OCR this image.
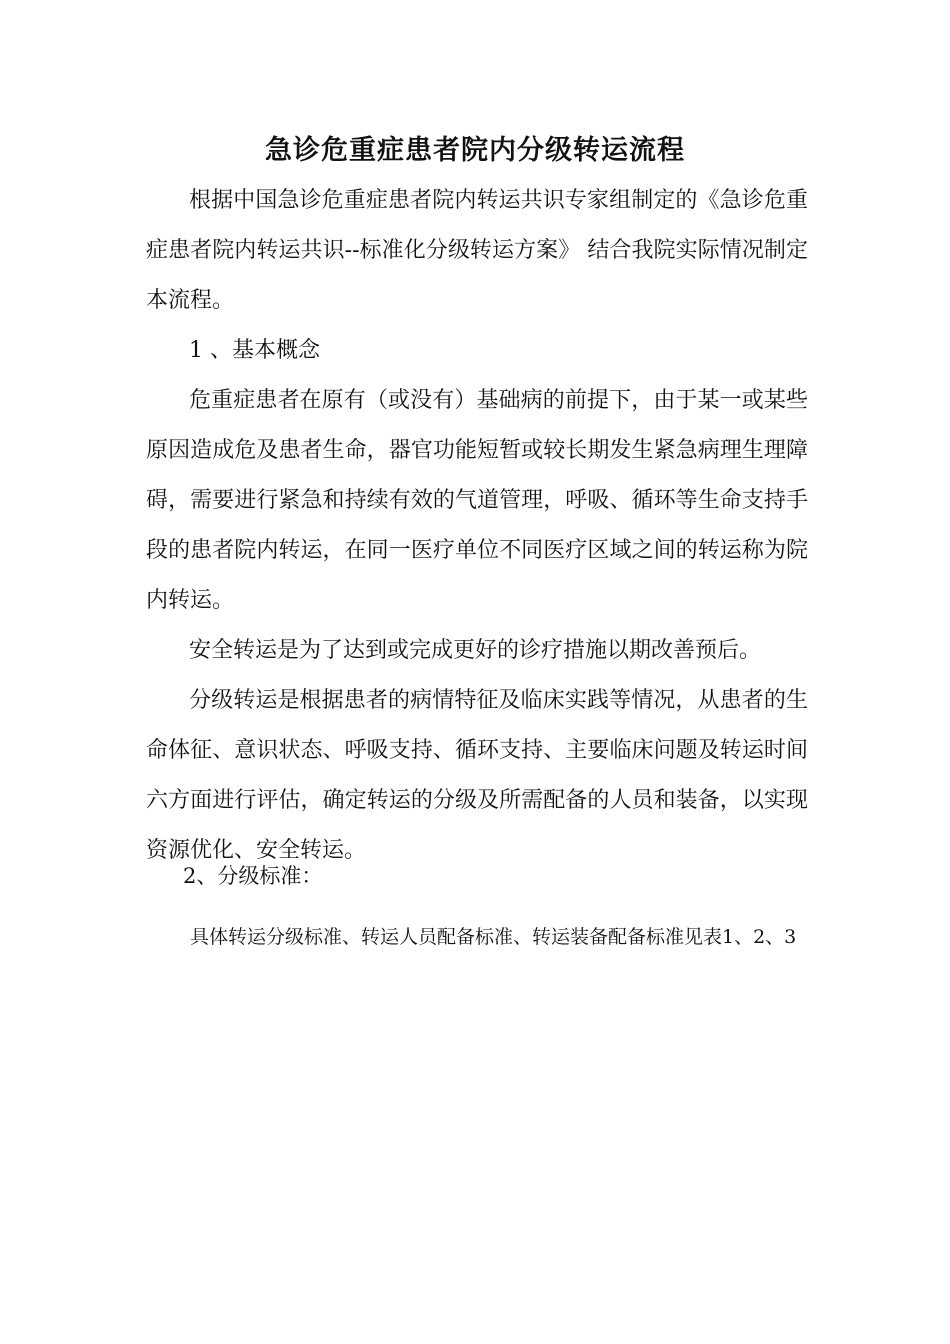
急诊危重症患者院内分级转运流程

根据中国急诊危重症患者院内转运共识专家组制定的《急诊危重症患者院内转运共识--标准化分级转运方案》 结合我院实际情况制定本流程。

1 、基本概念

危重症患者在原有（或没有）基础病的前提下，由于某一或某些原因造成危及患者生命，器官功能短暂或较长期发生紧急病理生理障碍，需要进行紧急和持续有效的气道管理，呼吸、循环等生命支持手段的患者院内转运，在同一医疗单位不同医疗区域之间的转运称为院内转运。

安全转运是为了达到或完成更好的诊疗措施以期改善预后。

分级转运是根据患者的病情特征及临床实践等情况，从患者的生命体征、意识状态、呼吸支持、循环支持、主要临床问题及转运时间六方面进行评估，确定转运的分级及所需配备的人员和装备，以实现资源优化、安全转运。

2、分级标准：

具体转运分级标准、转运人员配备标准、转运装备配备标准见表1、2、3
